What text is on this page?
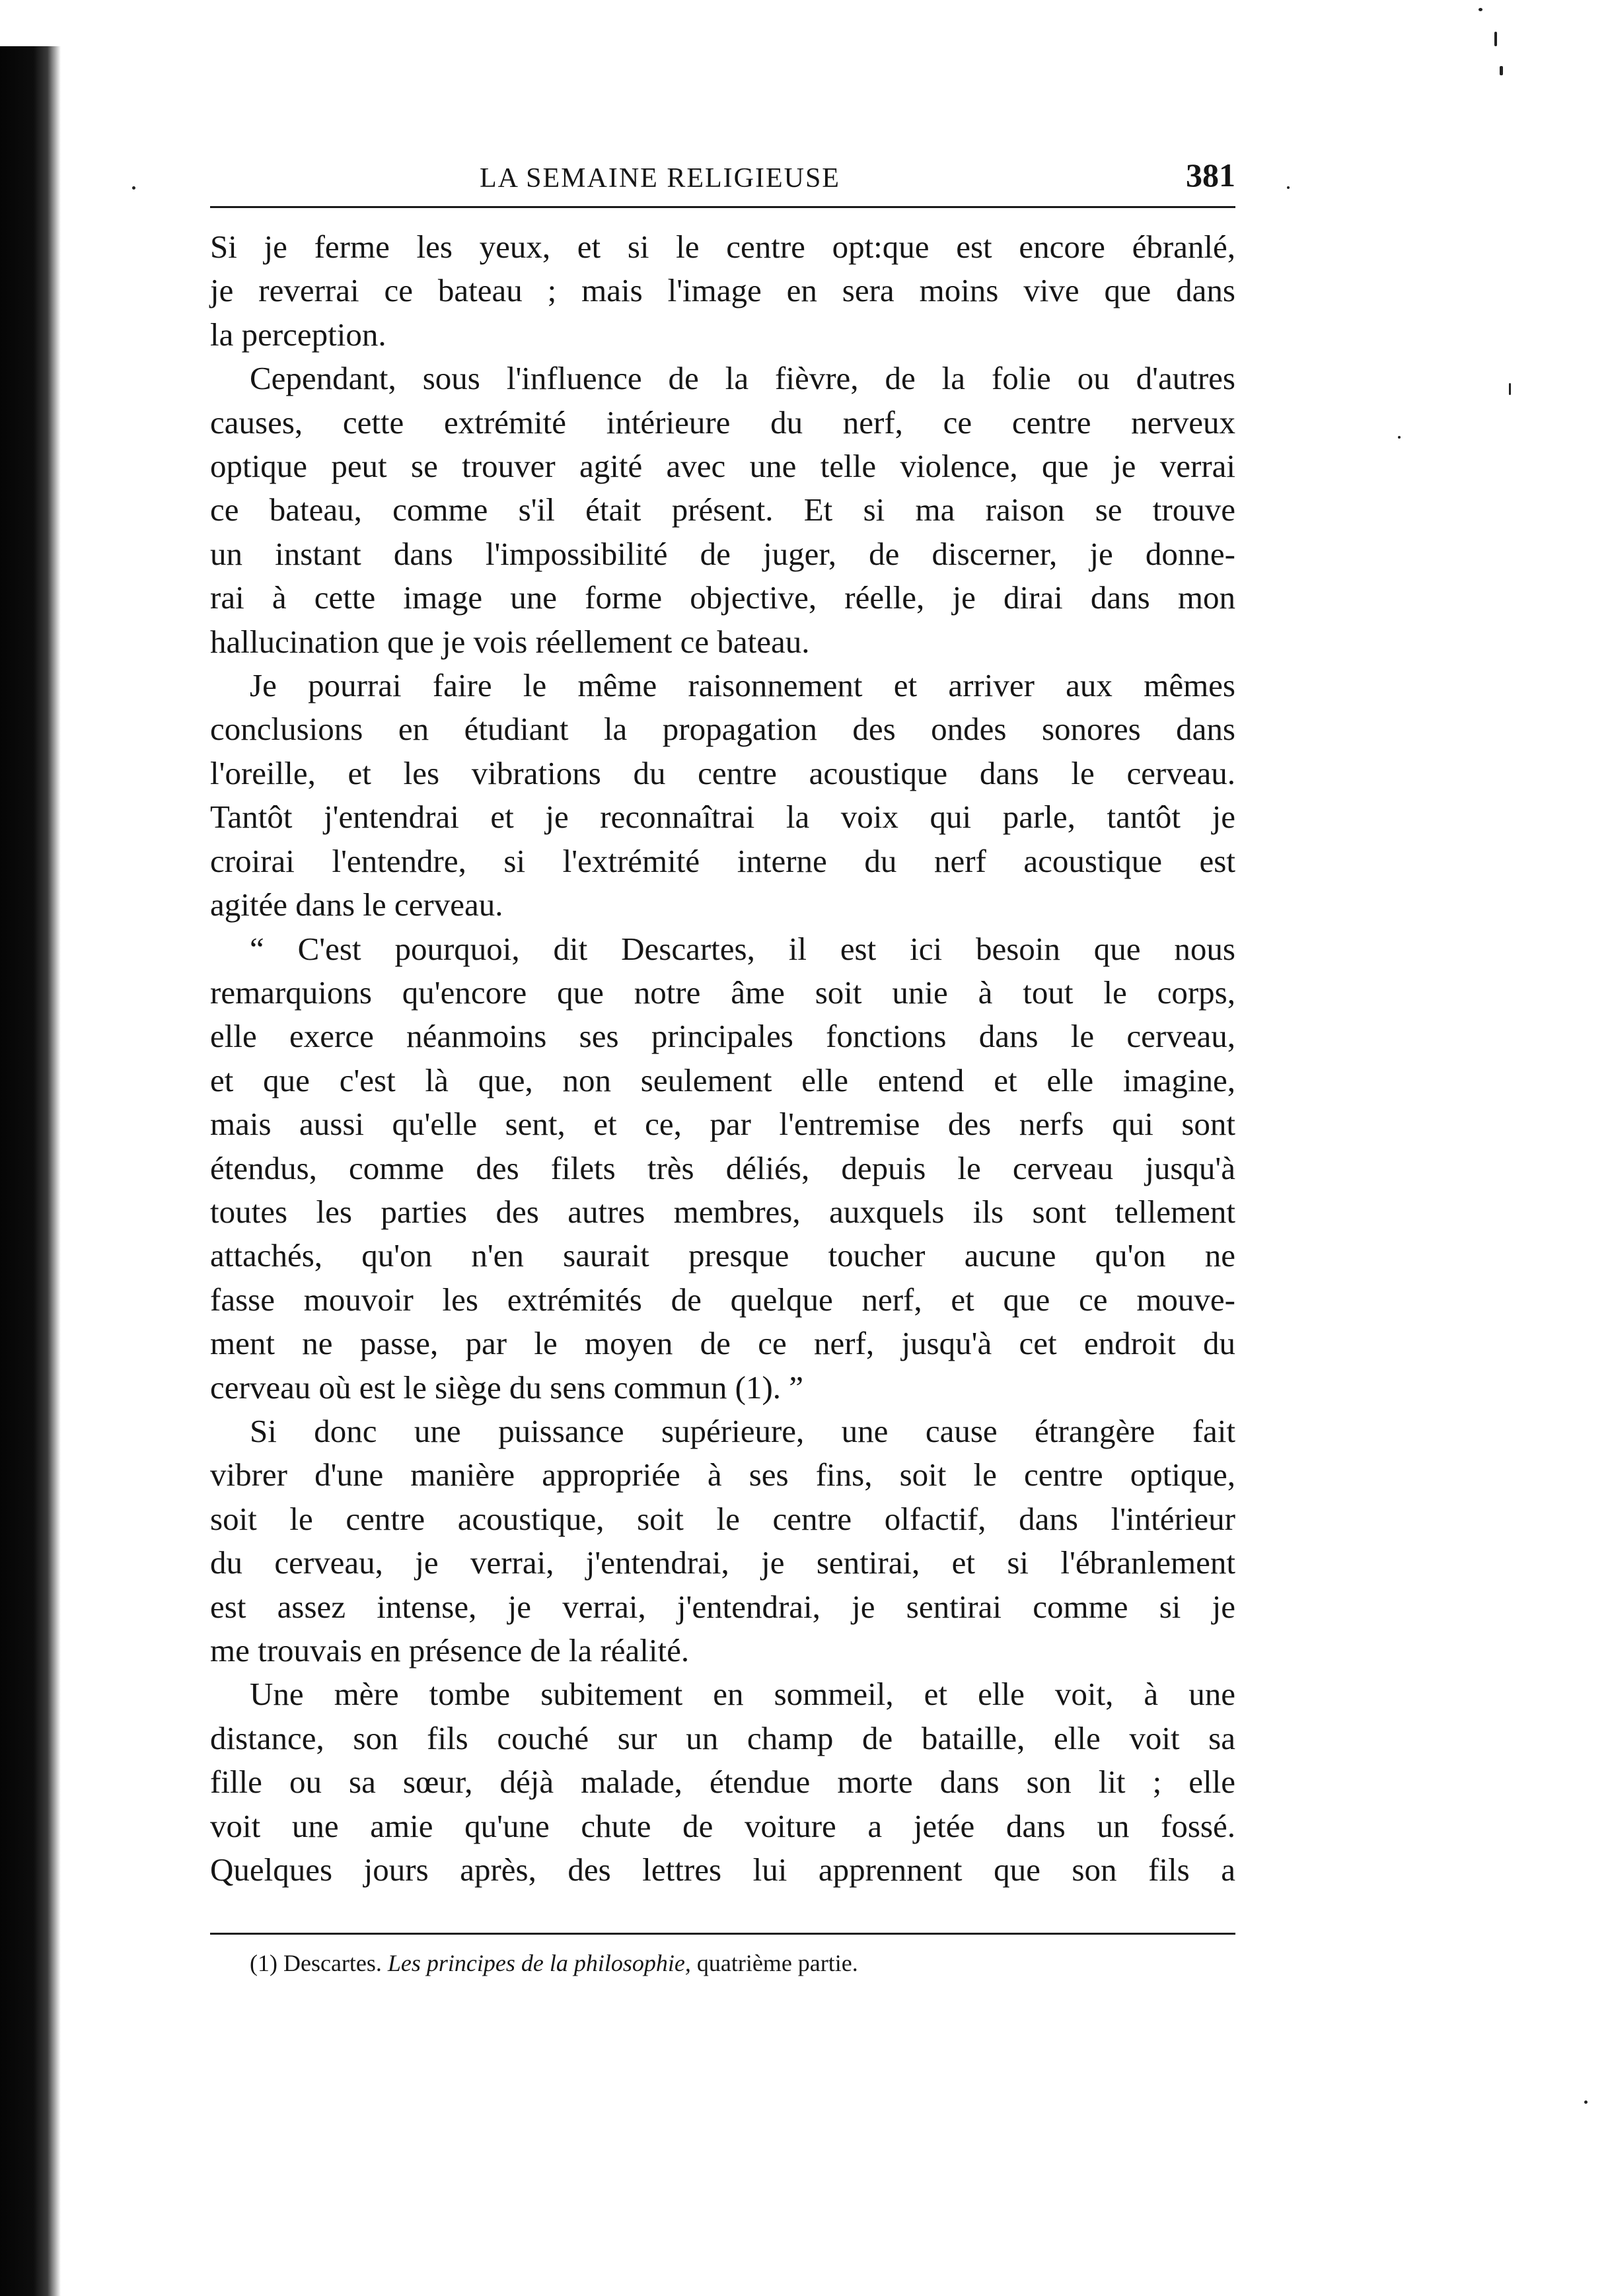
LA SEMAINE RELIGIEUSE	381
Si je ferme les yeux, et si le centre opt:que est encore ébranlé,
je reverrai ce bateau ; mais l'image en sera moins vive que dans
la perception.
Cependant, sous l'influence de la fièvre, de la folie ou d'autres
causes, cette extrémité intérieure du nerf, ce centre nerveux
optique peut se trouver agité avec une telle violence, que je verrai
ce bateau, comme s'il était présent. Et si ma raison se trouve
un instant dans l'impossibilité de juger, de discerner, je donne-
rai à cette image une forme objective, réelle, je dirai dans mon
hallucination que je vois réellement ce bateau.
Je pourrai faire le même raisonnement et arriver aux mêmes
conclusions en étudiant la propagation des ondes sonores dans
l'oreille, et les vibrations du centre acoustique dans le cerveau.
Tantôt j'entendrai et je reconnaîtrai la voix qui parle, tantôt je
croirai l'entendre, si l'extrémité interne du nerf acoustique est
agitée dans le cerveau.
“ C'est pourquoi, dit Descartes, il est ici besoin que nous
remarquions qu'encore que notre âme soit unie à tout le corps,
elle exerce néanmoins ses principales fonctions dans le cerveau,
et que c'est là que, non seulement elle entend et elle imagine,
mais aussi qu'elle sent, et ce, par l'entremise des nerfs qui sont
étendus, comme des filets très déliés, depuis le cerveau jusqu'à
toutes les parties des autres membres, auxquels ils sont tellement
attachés, qu'on n'en saurait presque toucher aucune qu'on ne
fasse mouvoir les extrémités de quelque nerf, et que ce mouve-
ment ne passe, par le moyen de ce nerf, jusqu'à cet endroit du
cerveau où est le siège du sens commun (1). ”
Si donc une puissance supérieure, une cause étrangère fait
vibrer d'une manière appropriée à ses fins, soit le centre optique,
soit le centre acoustique, soit le centre olfactif, dans l'intérieur
du cerveau, je verrai, j'entendrai, je sentirai, et si l'ébranlement
est assez intense, je verrai, j'entendrai, je sentirai comme si je
me trouvais en présence de la réalité.
Une mère tombe subitement en sommeil, et elle voit, à une
distance, son fils couché sur un champ de bataille, elle voit sa
fille ou sa sœur, déjà malade, étendue morte dans son lit ; elle
voit une amie qu'une chute de voiture a jetée dans un fossé.
Quelques jours après, des lettres lui apprennent que son fils a
(1) Descartes. Les principes de la philosophie, quatrième partie.
